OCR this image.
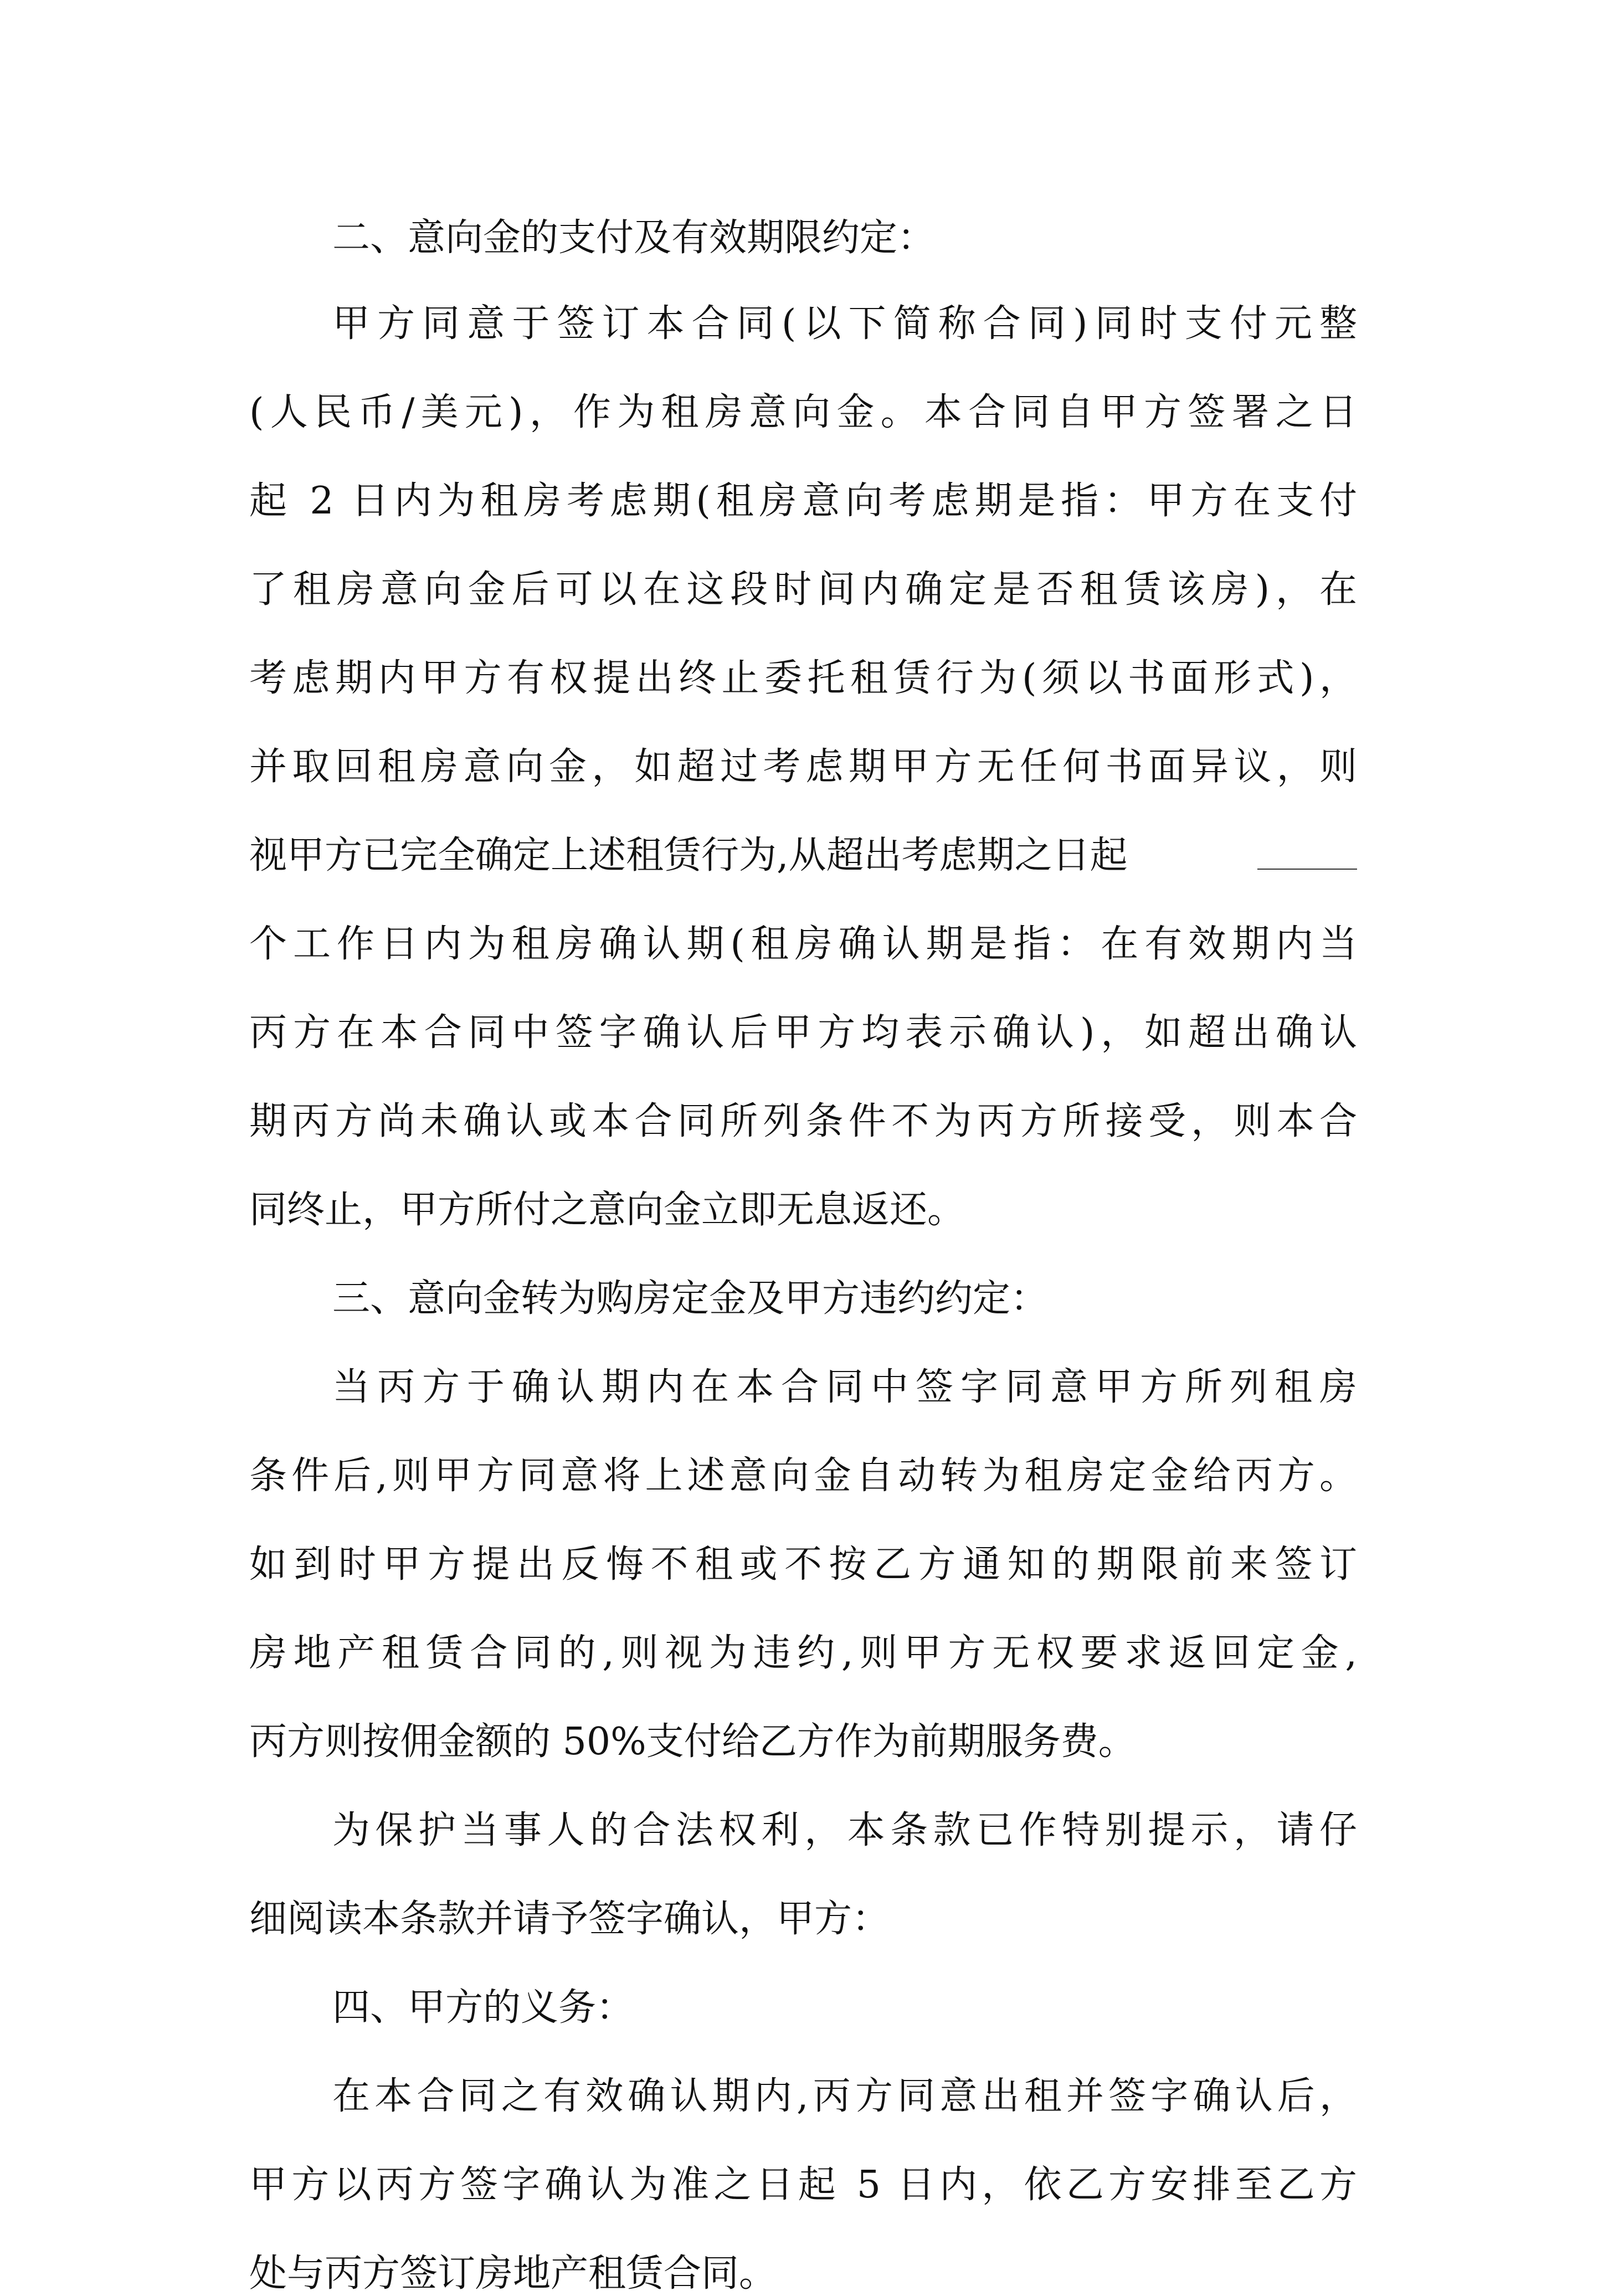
二、意向金的支付及有效期限约定：
甲方同意于签订本合同(以下简称合同)同时支付元整
(人民币/美元)，作为租房意向金。本合同自甲方签署之日
起 2 日内为租房考虑期(租房意向考虑期是指：甲方在支付
了租房意向金后可以在这段时间内确定是否租赁该房)，在
考虑期内甲方有权提出终止委托租赁行为(须以书面形式)，
并取回租房意向金，如超过考虑期甲方无任何书面异议，则
视甲方已完全确定上述租赁行为,从超出考虑期之日起
个工作日内为租房确认期(租房确认期是指：在有效期内当
丙方在本合同中签字确认后甲方均表示确认)，如超出确认
期丙方尚未确认或本合同所列条件不为丙方所接受，则本合
同终止，甲方所付之意向金立即无息返还。
三、意向金转为购房定金及甲方违约约定：
当丙方于确认期内在本合同中签字同意甲方所列租房
条件后,则甲方同意将上述意向金自动转为租房定金给丙方。
如到时甲方提出反悔不租或不按乙方通知的期限前来签订
房地产租赁合同的,则视为违约,则甲方无权要求返回定金,
丙方则按佣金额的 50%支付给乙方作为前期服务费。
为保护当事人的合法权利，本条款已作特别提示，请仔
细阅读本条款并请予签字确认，甲方：
四、甲方的义务：
在本合同之有效确认期内,丙方同意出租并签字确认后，
甲方以丙方签字确认为准之日起 5 日内，依乙方安排至乙方
处与丙方签订房地产租赁合同。
